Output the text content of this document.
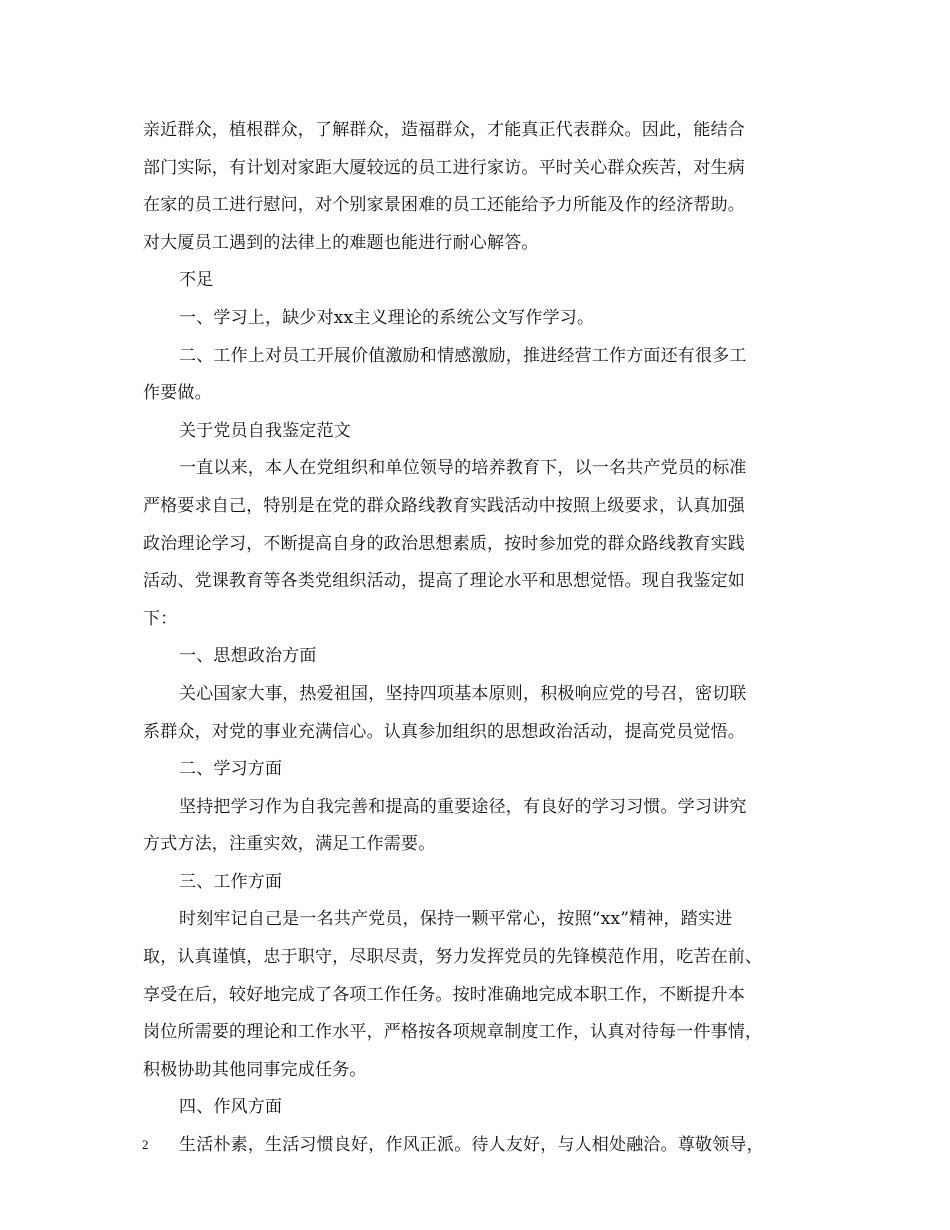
亲近群众，植根群众，了解群众，造福群众，才能真正代表群众。因此，能结合
部门实际，有计划对家距大厦较远的员工进行家访。平时关心群众疾苦，对生病
在家的员工进行慰问，对个别家景困难的员工还能给予力所能及作的经济帮助。
对大厦员工遇到的法律上的难题也能进行耐心解答。
不足
一、学习上，缺少对xx主义理论的系统公文写作学习。
二、工作上对员工开展价值激励和情感激励，推进经营工作方面还有很多工
作要做。
关于党员自我鉴定范文
一直以来，本人在党组织和单位领导的培养教育下，以一名共产党员的标准
严格要求自己，特别是在党的群众路线教育实践活动中按照上级要求，认真加强
政治理论学习，不断提高自身的政治思想素质，按时参加党的群众路线教育实践
活动、党课教育等各类党组织活动，提高了理论水平和思想觉悟。现自我鉴定如
下：
一、思想政治方面
关心国家大事，热爱祖国，坚持四项基本原则，积极响应党的号召，密切联
系群众，对党的事业充满信心。认真参加组织的思想政治活动，提高党员觉悟。
二、学习方面
坚持把学习作为自我完善和提高的重要途径，有良好的学习习惯。学习讲究
方式方法，注重实效，满足工作需要。
三、工作方面
时刻牢记自己是一名共产党员，保持一颗平常心，按照“xx”精神，踏实进
取，认真谨慎，忠于职守，尽职尽责，努力发挥党员的先锋模范作用，吃苦在前、
享受在后，较好地完成了各项工作任务。按时准确地完成本职工作，不断提升本
岗位所需要的理论和工作水平，严格按各项规章制度工作，认真对待每一件事情，
积极协助其他同事完成任务。
四、作风方面
生活朴素，生活习惯良好，作风正派。待人友好，与人相处融洽。尊敬领导，
2
